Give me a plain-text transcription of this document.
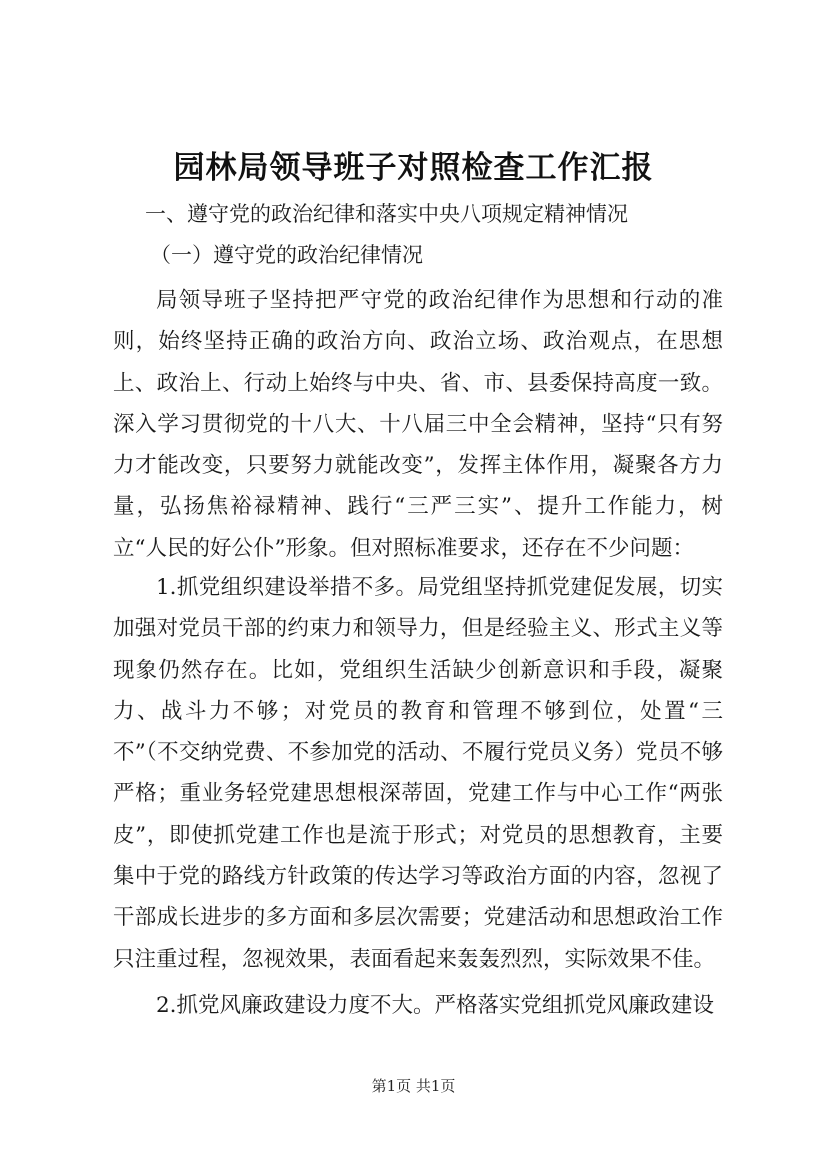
园林局领导班子对照检查工作汇报
一、遵守党的政治纪律和落实中央八项规定精神情况
（一）遵守党的政治纪律情况

局领导班子坚持把严守党的政治纪律作为思想和行动的准则，始终坚持正确的政治方向、政治立场、政治观点，在思想上、政治上、行动上始终与中央、省、市、县委保持高度一致。深入学习贯彻党的十八大、十八届三中全会精神，坚持“只有努力才能改变，只要努力就能改变”，发挥主体作用，凝聚各方力量，弘扬焦裕禄精神、践行“三严三实”、提升工作能力，树立“人民的好公仆”形象。但对照标准要求，还存在不少问题：

1.抓党组织建设举措不多。局党组坚持抓党建促发展，切实加强对党员干部的约束力和领导力，但是经验主义、形式主义等现象仍然存在。比如，党组织生活缺少创新意识和手段，凝聚力、战斗力不够；对党员的教育和管理不够到位，处置“三不”（不交纳党费、不参加党的活动、不履行党员义务）党员不够严格；重业务轻党建思想根深蒂固，党建工作与中心工作“两张皮”，即使抓党建工作也是流于形式；对党员的思想教育，主要集中于党的路线方针政策的传达学习等政治方面的内容，忽视了干部成长进步的多方面和多层次需要；党建活动和思想政治工作只注重过程，忽视效果，表面看起来轰轰烈烈，实际效果不佳。

2.抓党风廉政建设力度不大。严格落实党组抓党风廉政建设

第1页 共1页
